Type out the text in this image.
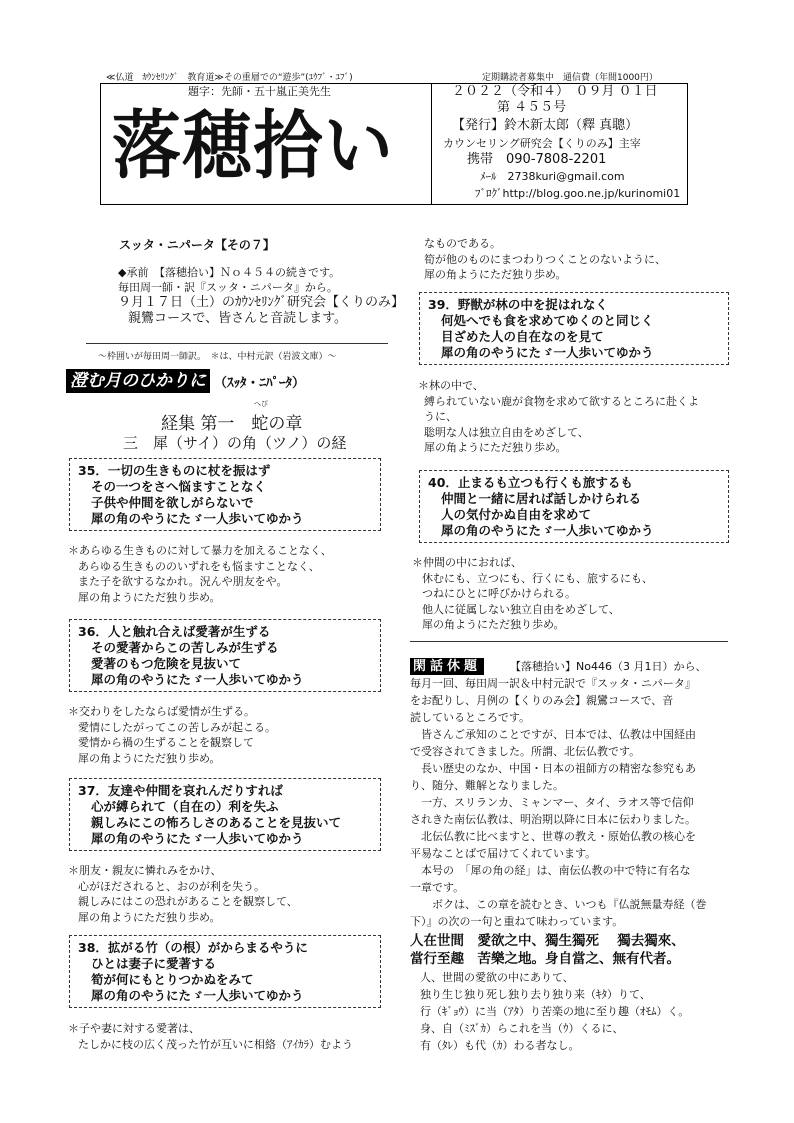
≪仏道　ｶｳﾝｾﾘﾝｸﾞ　教育道≫その重層での“遊歩”(ﾕｳﾌﾞ・ﾕﾌﾞ)	定期購読者募集中　通信費（年間1000円）
題字：先師・五十嵐正美先生
落穂拾い
２０２２（令和４）　０９月 ０１日
第 ４５５号
【発行】鈴木新太郎（釋 真聰）
カウンセリング研究会【くりのみ】主宰
携帯　090-7808-2201
ﾒｰﾙ　2738kuri@gmail.com
ﾌﾞﾛｸﾞhttp://blog.goo.ne.jp/kurinomi01
スッタ・ニパータ【その７】
◆承前　【落穂拾い】Ｎｏ４５４の続きです。
毎田周一師・訳『スッタ・ニパータ』から。
９月１７日（土）のｶｳﾝｾﾘﾝｸﾞ研究会【くりのみ】
親鸞コースで、皆さんと音読します。
～枠囲いが毎田周一師訳。　＊は、中村元訳（岩波文庫）～
澄む月のひかりに （ｽｯﾀ・ﾆﾊﾟｰﾀ）
へび
経集 第一　蛇の章
三　犀（サイ）の角（ツノ）の経
35．一切の生きものに杖を振はず
その一つをさへ悩ますことなく
子供や仲間を欲しがらないで
犀の角のやうにたゞ一人歩いてゆかう
＊あらゆる生きものに対して暴力を加えることなく、
あらゆる生きもののいずれをも悩ますことなく、
また子を欲するなかれ。況んや朋友をや。
犀の角ようにただ独り歩め。
36．人と触れ合えば愛著が生ずる
その愛著からこの苦しみが生ずる
愛著のもつ危険を見抜いて
犀の角のやうにたゞ一人歩いてゆかう
＊交わりをしたならば愛情が生ずる。
愛情にしたがってこの苦しみが起こる。
愛情から禍の生ずることを観察して
犀の角ようにただ独り歩め。
37．友達や仲間を哀れんだりすれば
心が縛られて（自在の）利を失ふ
親しみにこの怖ろしさのあることを見抜いて
犀の角のやうにたゞ一人歩いてゆかう
＊朋友・親友に憐れみをかけ、
心がほだされると、おのが利を失う。
親しみにはこの恐れがあることを観察して、
犀の角ようにただ独り歩め。
38．拡がる竹（の根）がからまるやうに
ひとは妻子に愛著する
筍が何にもとりつかぬをみて
犀の角のやうにたゞ一人歩いてゆかう
＊子や妻に対する愛著は、
たしかに枝の広く茂った竹が互いに相絡（ｱｲｶﾗ）むよう
なものである。
筍が他のものにまつわりつくことのないように、
犀の角ようにただ独り歩め。
39．野獣が林の中を捉はれなく
何処へでも食を求めてゆくのと同じく
目ざめた人の自在なのを見て
犀の角のやうにたゞ一人歩いてゆかう
＊林の中で、
縛られていない鹿が食物を求めて欲するところに赴くよ
うに、
聡明な人は独立自由をめざして、
犀の角ようにただ独り歩め。
40．止まるも立つも行くも旅するも
仲間と一緒に居れば話しかけられる
人の気付かぬ自由を求めて
犀の角のやうにたゞ一人歩いてゆかう
＊仲間の中におれば、
休むにも、立つにも、行くにも、旅するにも、
つねにひとに呼びかけられる。
他人に従属しない独立自由をめざして、
犀の角ようにただ独り歩め。
閑話休題	【落穂拾い】No446（3 月1日）から、
毎月一回、毎田周一訳＆中村元訳で『スッタ・ニパータ』
をお配りし、月例の【くりのみ会】親鸞コースで、音
読しているところです。
　皆さんご承知のことですが、日本では、仏教は中国経由
で受容されてきました。所謂、北伝仏教です。
　長い歴史のなか、中国・日本の祖師方の精密な参究もあ
り、随分、難解となりました。
　一方、スリランカ、ミャンマー、タイ、ラオス等で信仰
されきた南伝仏教は、明治期以降に日本に伝わりました。
　北伝仏教に比べますと、世尊の教え・原始仏教の核心を
平易なことばで届けてくれています。
　本号の　「犀の角の経」は、南伝仏教の中で特に有名な
一章です。
　　ボクは、この章を読むとき、いつも『仏説無量寿経（巻
下）』の次の一句と重ねて味わっています。
人在世間　愛欲之中、獨生獨死　 獨去獨來、
當行至趣　苦樂之地。身自當之、無有代者。
人、世間の愛欲の中にありて、
独り生じ独り死し独り去り独り来（ｷﾀ）りて、
行（ｷﾞｮｳ）に当（ｱﾀ）り苦楽の地に至り趣（ｵﾓﾑ）く。
身、自（ﾐｽﾞｶ）らこれを当（ｳ）くるに、
有（ﾀﾚ）も代（ｶ）わる者なし。
